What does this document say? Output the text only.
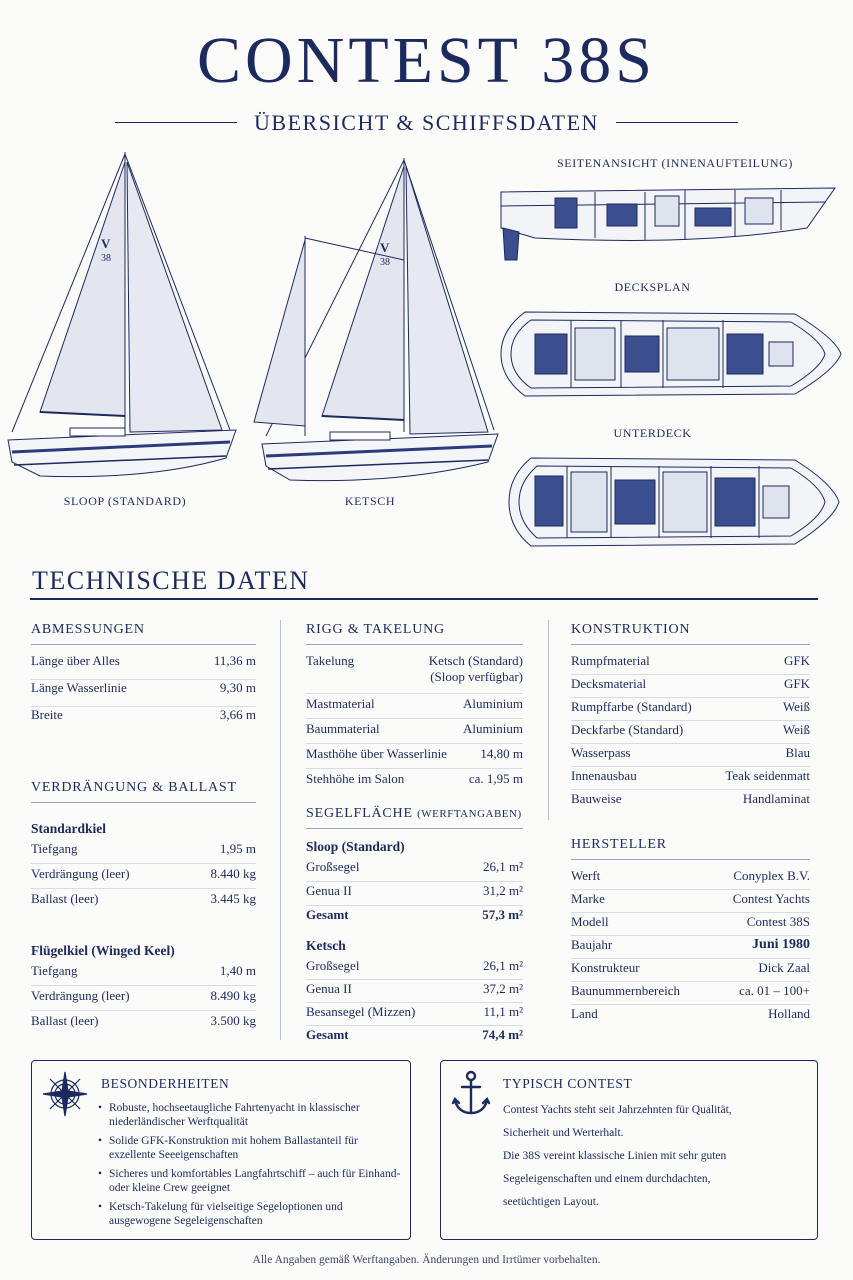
CONTEST 38S
ÜBERSICHT & SCHIFFSDATEN
V
38
V
38
SLOOP (STANDARD)	KETSCH
SEITENANSICHT (INNENAUFTEILUNG)
DECKSPLAN
UNTERDECK
TECHNISCHE DATEN
ABMESSUNGEN
Länge über Alles	11,36 m
Länge Wasserlinie	9,30 m
Breite	3,66 m
VERDRÄNGUNG & BALLAST
Standardkiel
Tiefgang	1,95 m
Verdrängung (leer)	8.440 kg
Ballast (leer)	3.445 kg
Flügelkiel (Winged Keel)
Tiefgang	1,40 m
Verdrängung (leer)	8.490 kg
Ballast (leer)	3.500 kg
RIGG & TAKELUNG
Takelung	Ketsch (Standard)
(Sloop verfügbar)
Mastmaterial	Aluminium
Baummaterial	Aluminium
Masthöhe über Wasserlinie	14,80 m
Stehhöhe im Salon	ca. 1,95 m
SEGELFLÄCHE (WERFTANGABEN)
Sloop (Standard)
Großsegel	26,1 m²
Genua II	31,2 m²
Gesamt	57,3 m²
Ketsch
Großsegel	26,1 m²
Genua II	37,2 m²
Besansegel (Mizzen)	11,1 m²
Gesamt	74,4 m²
KONSTRUKTION
Rumpfmaterial	GFK
Decksmaterial	GFK
Rumpffarbe (Standard)	Weiß
Deckfarbe (Standard)	Weiß
Wasserpass	Blau
Innenausbau	Teak seidenmatt
Bauweise	Handlaminat
HERSTELLER
Werft	Conyplex B.V.
Marke	Contest Yachts
Modell	Contest 38S
Baujahr	Juni 1980
Konstrukteur	Dick Zaal
Baunummernbereich	ca. 01 – 100+
Land	Holland
BESONDERHEITEN
• Robuste, hochseetaugliche Fahrtenyacht in klassischer niederländischer Werftqualität
• Solide GFK-Konstruktion mit hohem Ballastanteil für exzellente Seeeigenschaften
• Sicheres und komfortables Langfahrtschiff – auch für Einhand- oder kleine Crew geeignet
• Ketsch-Takelung für vielseitige Segeloptionen und ausgewogene Segeleigenschaften
TYPISCH CONTEST
Contest Yachts steht seit Jahrzehnten für Qualität,
Sicherheit und Werterhalt.
Die 38S vereint klassische Linien mit sehr guten
Segeleigenschaften und einem durchdachten,
seetüchtigen Layout.
Alle Angaben gemäß Werftangaben. Änderungen und Irrtümer vorbehalten.
